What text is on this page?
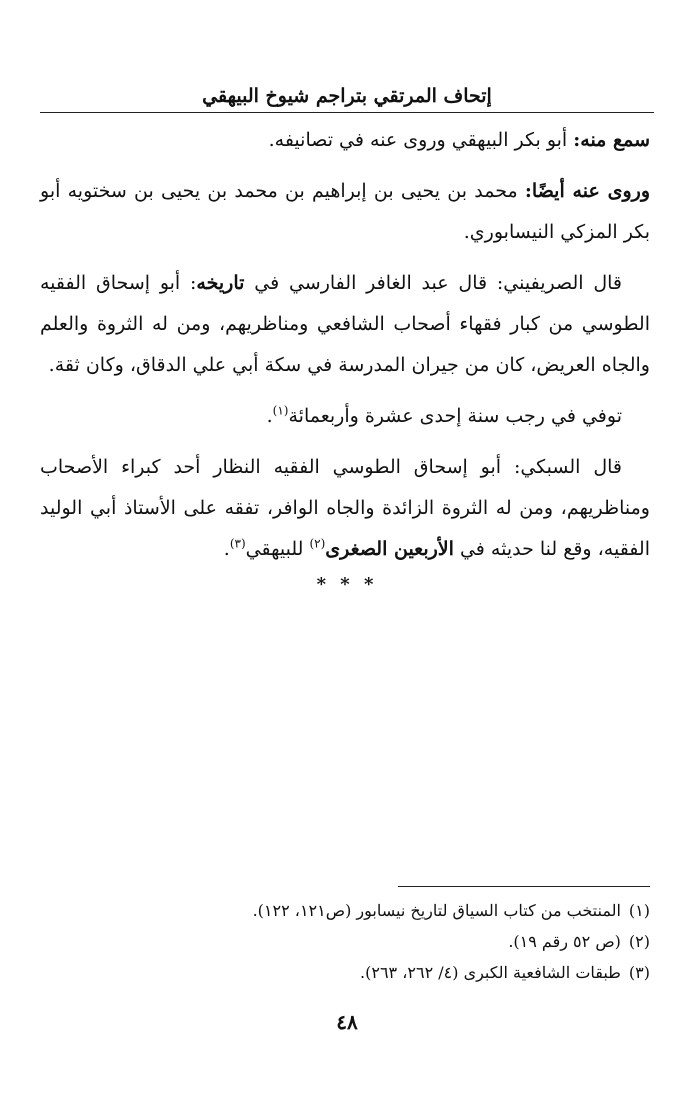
إتحاف المرتقي بتراجم شيوخ البيهقي

سمع منه: أبو بكر البيهقي وروى عنه في تصانيفه.

وروى عنه أيضًا: محمد بن يحيى بن إبراهيم بن محمد بن يحيى بن سختويه أبو بكر المزكي النيسابوري.

قال الصريفيني: قال عبد الغافر الفارسي في تاريخه: أبو إسحاق الفقيه الطوسي من كبار فقهاء أصحاب الشافعي ومناظريهم، ومن له الثروة والعلم والجاه العريض، كان من جيران المدرسة في سكة أبي علي الدقاق، وكان ثقة.

توفي في رجب سنة إحدى عشرة وأربعمائة$^{(١)}$.

قال السبكي: أبو إسحاق الطوسي الفقيه النظار أحد كبراء الأصحاب ومناظريهم، ومن له الثروة الزائدة والجاه الوافر، تفقه على الأستاذ أبي الوليد الفقيه، وقع لنا حديثه في الأربعين الصغرى$^{(٢)}$ للبيهقي$^{(٣)}$.

* * *

(١)المنتخب من كتاب السياق لتاريخ نيسابور (ص١٢١، ١٢٢).

(٢)(ص ٥٢ رقم ١٩).

(٣)طبقات الشافعية الكبرى (٤/ ٢٦٢، ٢٦٣).

٤٨
